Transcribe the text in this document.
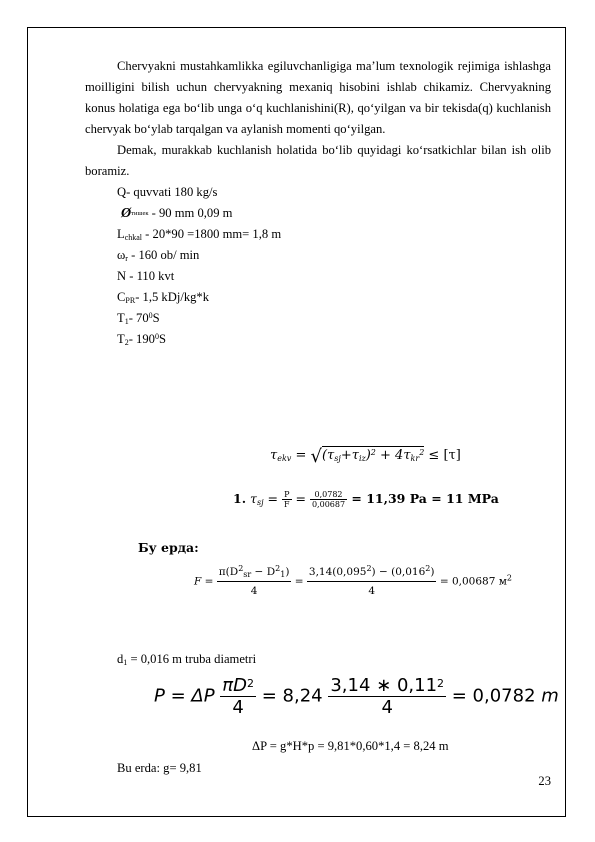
Chervyakni mustahkamlikka egiluvchanligiga ma’lum texnologik rejimiga ishlashga moilligini bilish uchun chervyakning mexaniq hisobini ishlab chikamiz. Chervyakning konus holatiga ega bo‘lib unga o‘q kuchlanishini(R), qo‘yilgan va bir tekisda(q) kuchlanish chervyak bo‘ylab tarqalgan va aylanish momenti qo‘yilgan.

Demak, murakkab kuchlanish holatida bo‘lib quyidagi ko‘rsatkichlar bilan ish olib boramiz.

Q- quvvati 180 kg/s

Øтишек - 90 mm 0,09 m

$L_{chkal} - 20*90 =1800$ mm= 1,8 m

$\omega_r - 160$ ob/ min

N - 110 kvt

$C_{PR}-$ 1,5 kDj/kg*k

$T_1-$ $70^0S$

$T_2-$ $190^0S$

$\tau_{ekv} = √(\tau_{sj}+\tau_{iz})^2 + 4\tau_{kr}^2 \le [\tau]$
1. $\tau_{sj} = \frac{P}{F} = \frac{0,0782}{0,00687} = 11,39$ Pa = 11 MPa
Бу ерда:
$F = \frac{\pi(D^2_{sr} - D^2_1)}{4} = \frac{3,14(0,095^2) - (0,016^2)}{4} = 0,00687$ $м^2$
$d_1 = 0,016$ m truba diametri
P = ΔP $\frac{\pi D^2}{4} = 8,24 \frac{3,14 ∗ 0,11^2}{4} = 0,0782$ m
ΔP = g*H*p = 9,81*0,60*1,4 = 8,24 m
Bu erda: g= 9,81
23
